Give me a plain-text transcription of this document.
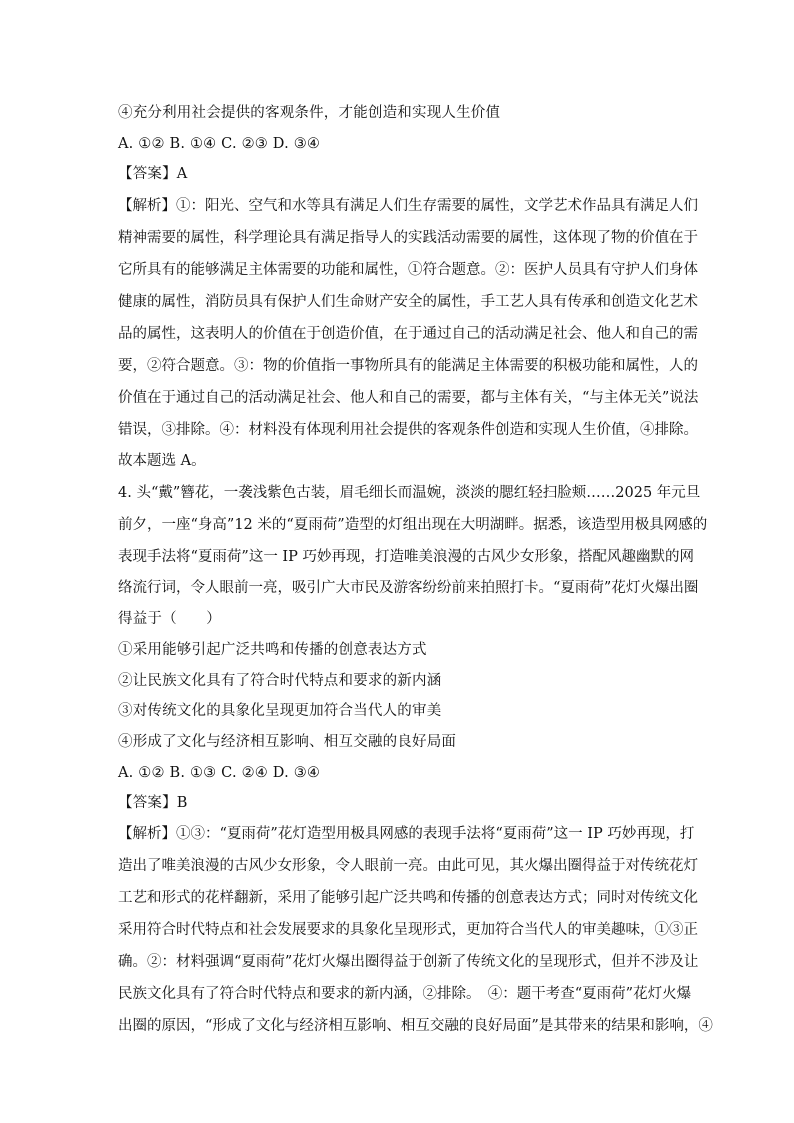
④充分利用社会提供的客观条件，才能创造和实现人生价值
A. ①② B. ①④ C. ②③ D. ③④
【答案】A
【解析】①：阳光、空气和水等具有满足人们生存需要的属性，文学艺术作品具有满足人们
精神需要的属性，科学理论具有满足指导人的实践活动需要的属性，这体现了物的价值在于
它所具有的能够满足主体需要的功能和属性，①符合题意。②：医护人员具有守护人们身体
健康的属性，消防员具有保护人们生命财产安全的属性，手工艺人具有传承和创造文化艺术
品的属性，这表明人的价值在于创造价值，在于通过自己的活动满足社会、他人和自己的需
要，②符合题意。③：物的价值指一事物所具有的能满足主体需要的积极功能和属性，人的
价值在于通过自己的活动满足社会、他人和自己的需要，都与主体有关，“与主体无关”说法
错误，③排除。④：材料没有体现利用社会提供的客观条件创造和实现人生价值，④排除。
故本题选 A。
4. 头“戴”簪花，一袭浅紫色古装，眉毛细长而温婉，淡淡的腮红轻扫脸颊……2025 年元旦
前夕，一座“身高”12 米的“夏雨荷”造型的灯组出现在大明湖畔。据悉，该造型用极具网感的
表现手法将“夏雨荷”这一 IP 巧妙再现，打造唯美浪漫的古风少女形象，搭配风趣幽默的网
络流行词，令人眼前一亮，吸引广大市民及游客纷纷前来拍照打卡。“夏雨荷”花灯火爆出圈
得益于（　　）
①采用能够引起广泛共鸣和传播的创意表达方式
②让民族文化具有了符合时代特点和要求的新内涵
③对传统文化的具象化呈现更加符合当代人的审美
④形成了文化与经济相互影响、相互交融的良好局面
A. ①② B. ①③ C. ②④ D. ③④
【答案】B
【解析】①③：“夏雨荷”花灯造型用极具网感的表现手法将“夏雨荷”这一 IP 巧妙再现，打
造出了唯美浪漫的古风少女形象，令人眼前一亮。由此可见，其火爆出圈得益于对传统花灯
工艺和形式的花样翻新，采用了能够引起广泛共鸣和传播的创意表达方式；同时对传统文化
采用符合时代特点和社会发展要求的具象化呈现形式，更加符合当代人的审美趣味，①③正
确。②：材料强调“夏雨荷”花灯火爆出圈得益于创新了传统文化的呈现形式，但并不涉及让
民族文化具有了符合时代特点和要求的新内涵，②排除。　④：题干考查“夏雨荷”花灯火爆
出圈的原因，“形成了文化与经济相互影响、相互交融的良好局面”是其带来的结果和影响，④
